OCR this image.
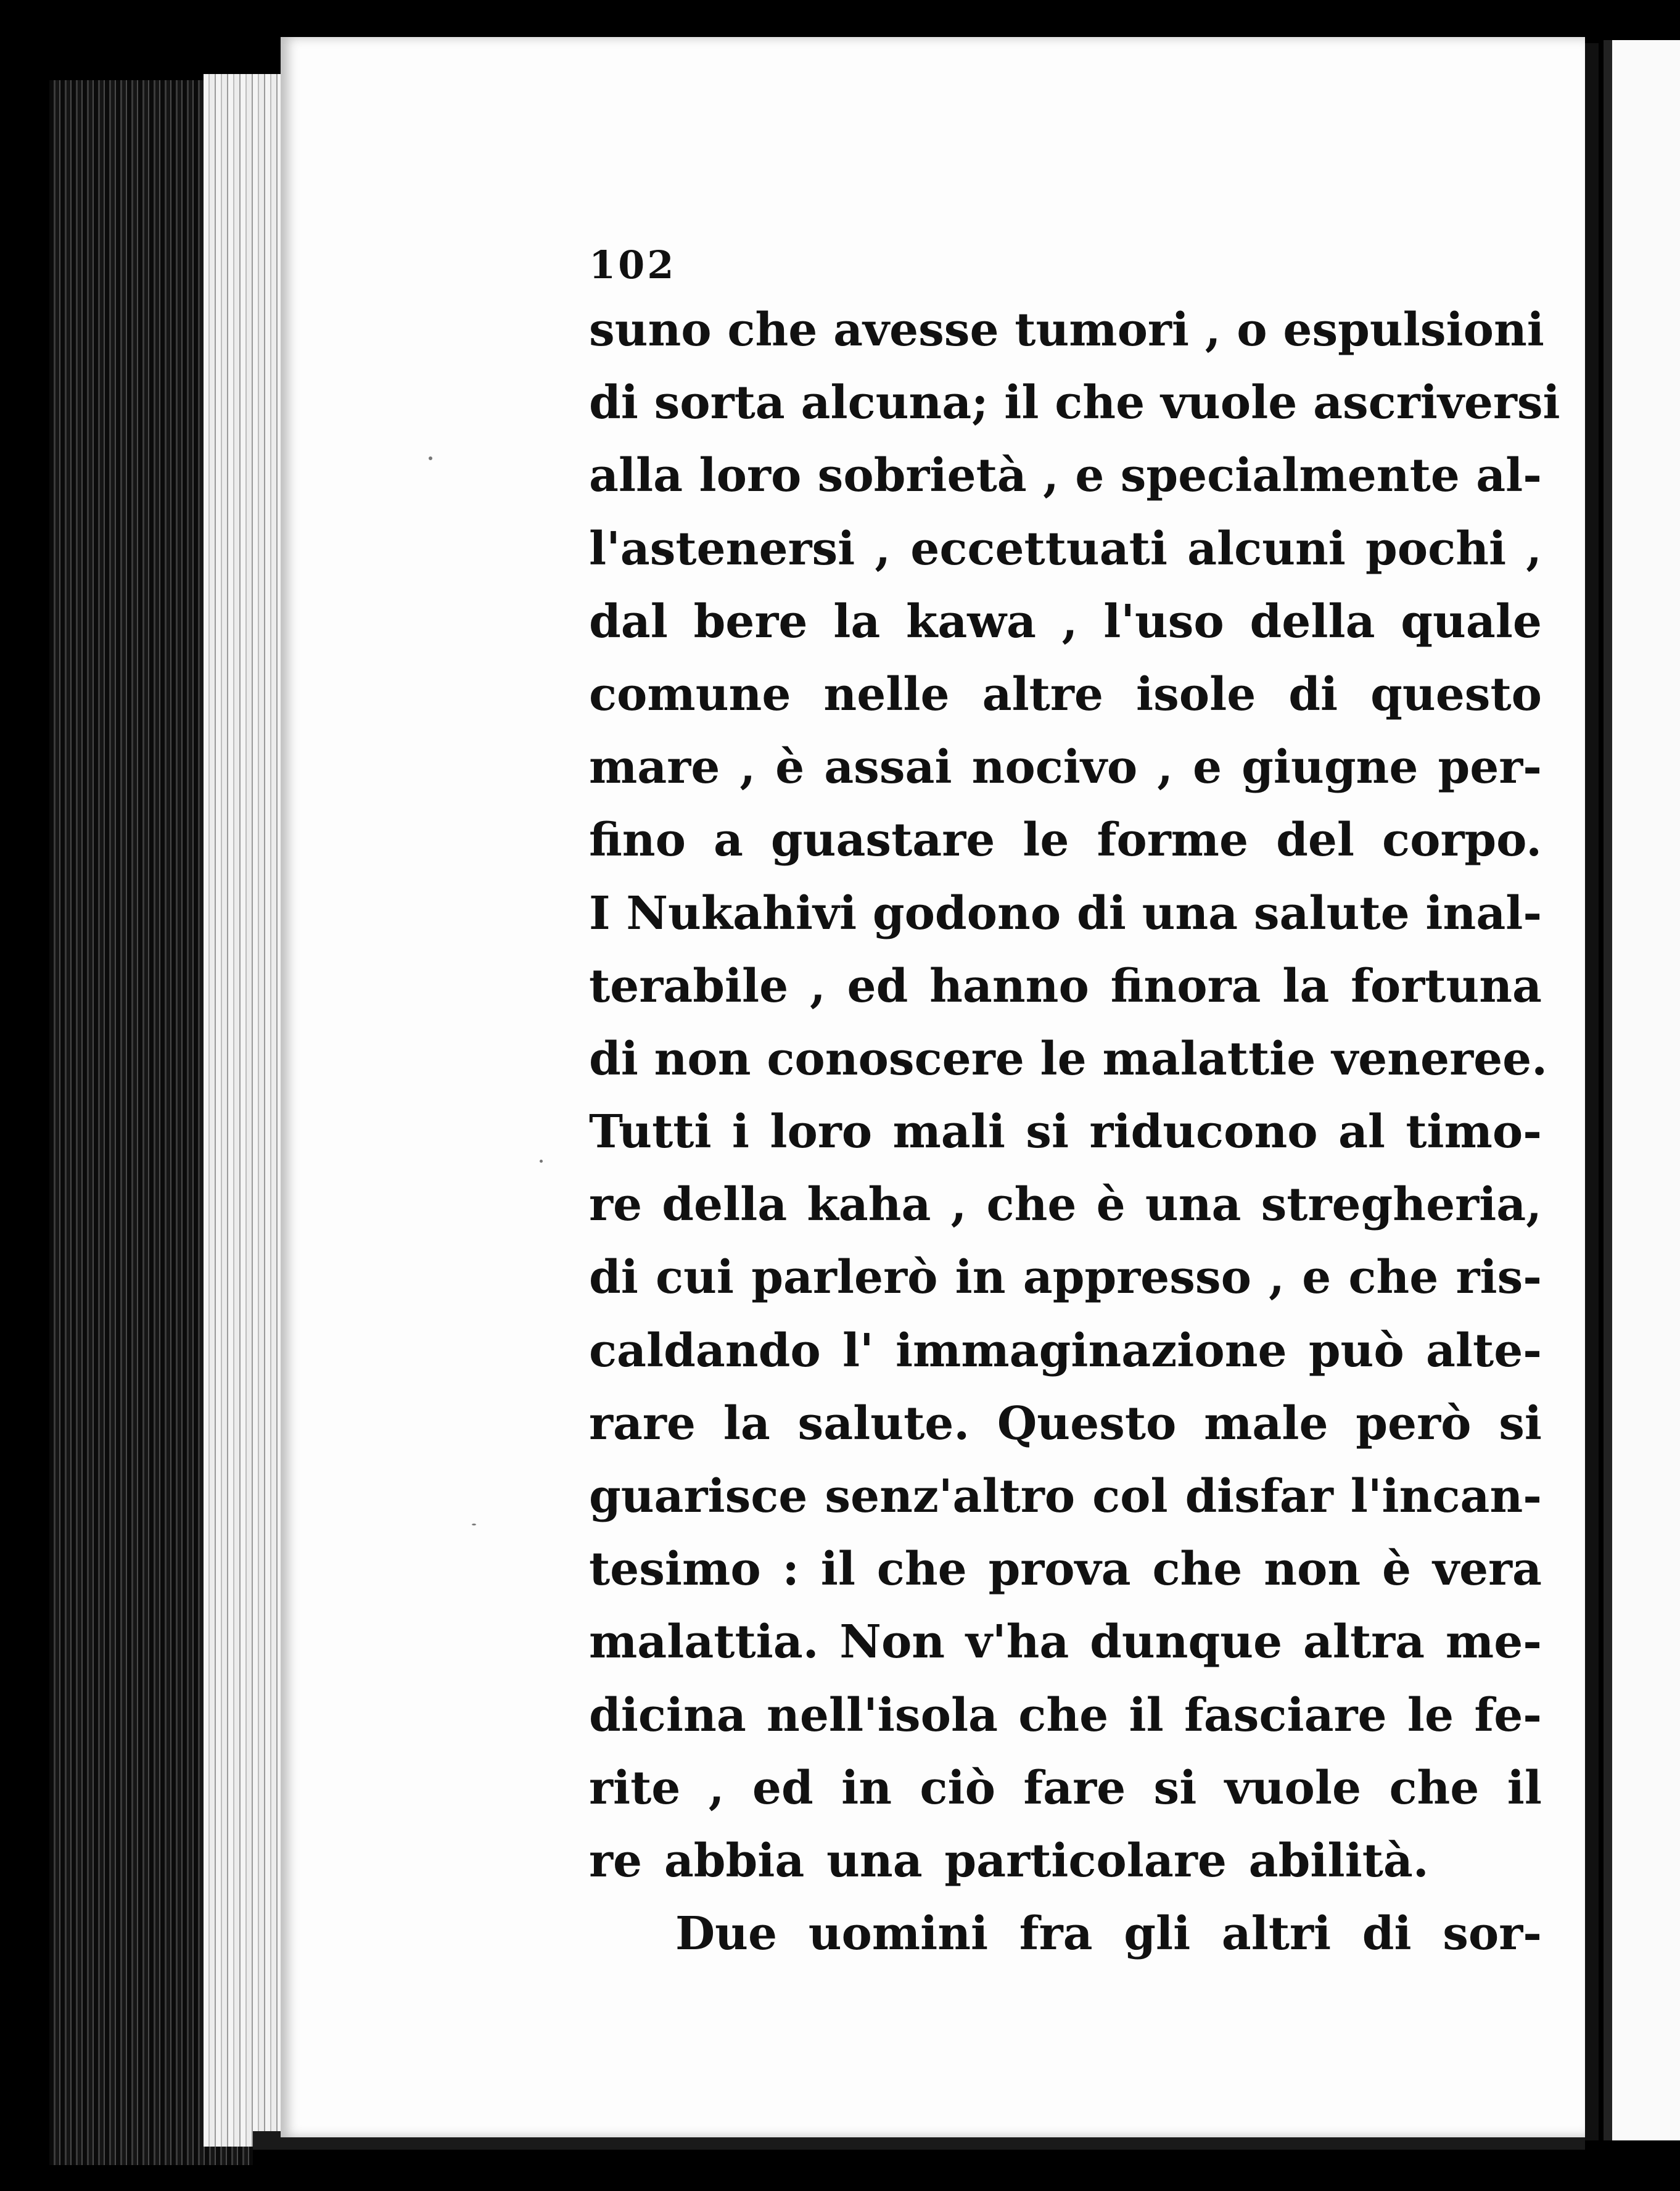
102
suno che avesse tumori , o espulsioni
di sorta alcuna; il che vuole ascriversi
alla loro sobrietà , e specialmente al-
l'astenersi , eccettuati alcuni pochi ,
dal bere la kawa , l'uso della quale
comune nelle altre isole di questo
mare , è assai nocivo , e giugne per-
fino a guastare le forme del corpo.
I Nukahivi godono di una salute inal-
terabile , ed hanno finora la fortuna
di non conoscere le malattie veneree.
Tutti i loro mali si riducono al timo-
re della kaha , che è una stregheria,
di cui parlerò in appresso , e che ris-
caldando l' immaginazione può alte-
rare la salute. Questo male però si
guarisce senz'altro col disfar l'incan-
tesimo : il che prova che non è vera
malattia. Non v'ha dunque altra me-
dicina nell'isola che il fasciare le fe-
rite , ed in ciò fare si vuole che il
re abbia una particolare abilità.
Due uomini fra gli altri di sor-
